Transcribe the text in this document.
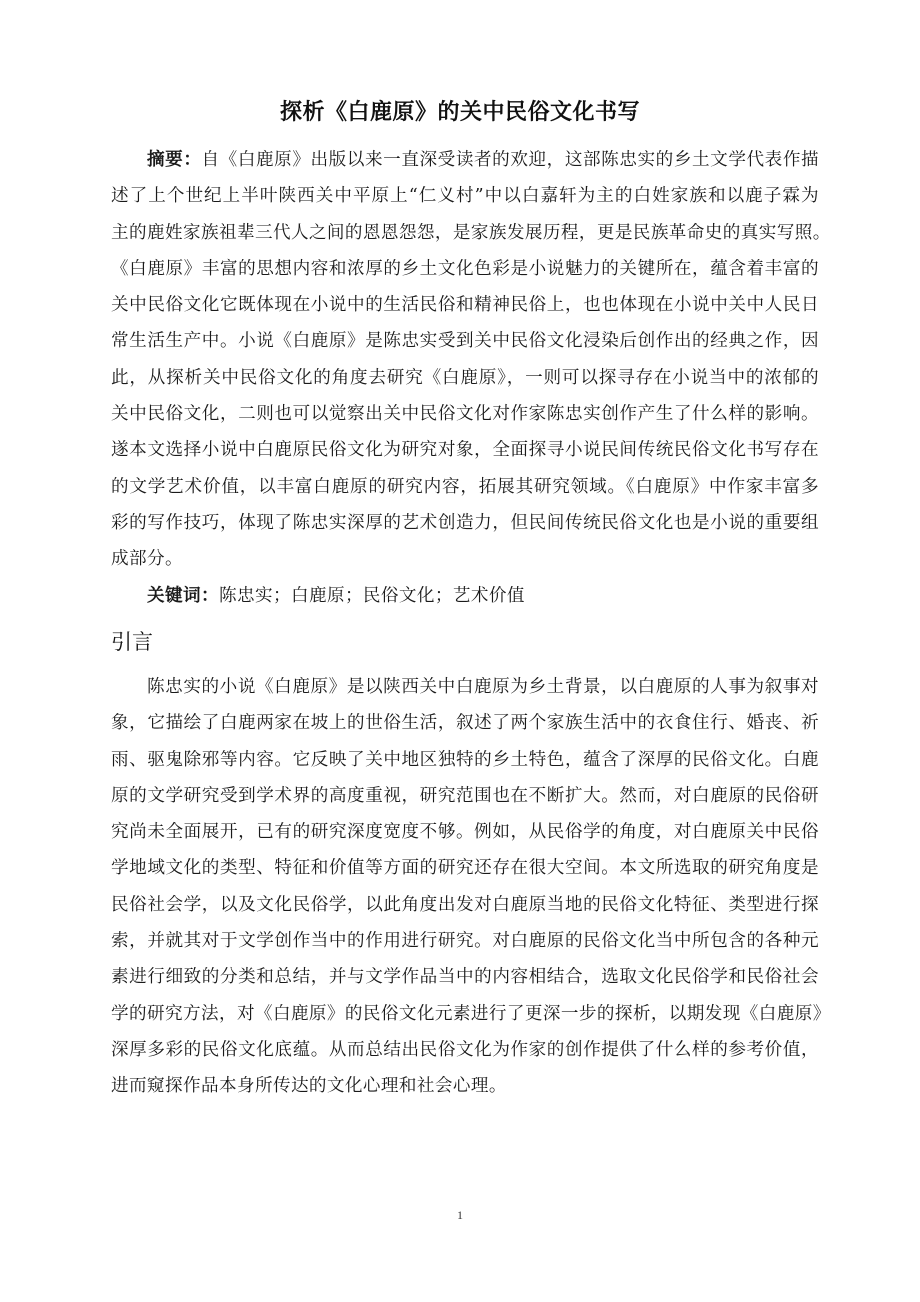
探析《白鹿原》的关中民俗文化书写
摘要：自《白鹿原》出版以来一直深受读者的欢迎，这部陈忠实的乡土文学代表作描
述了上个世纪上半叶陕西关中平原上“仁义村”中以白嘉轩为主的白姓家族和以鹿子霖为
主的鹿姓家族祖辈三代人之间的恩恩怨怨，是家族发展历程，更是民族革命史的真实写照。
《白鹿原》丰富的思想内容和浓厚的乡土文化色彩是小说魅力的关键所在，蕴含着丰富的
关中民俗文化它既体现在小说中的生活民俗和精神民俗上，也也体现在小说中关中人民日
常生活生产中。小说《白鹿原》是陈忠实受到关中民俗文化浸染后创作出的经典之作，因
此，从探析关中民俗文化的角度去研究《白鹿原》，一则可以探寻存在小说当中的浓郁的
关中民俗文化，二则也可以觉察出关中民俗文化对作家陈忠实创作产生了什么样的影响。
遂本文选择小说中白鹿原民俗文化为研究对象，全面探寻小说民间传统民俗文化书写存在
的文学艺术价值，以丰富白鹿原的研究内容，拓展其研究领域。《白鹿原》中作家丰富多
彩的写作技巧，体现了陈忠实深厚的艺术创造力，但民间传统民俗文化也是小说的重要组
成部分。
关键词：陈忠实；白鹿原；民俗文化；艺术价值
引言
陈忠实的小说《白鹿原》是以陕西关中白鹿原为乡土背景，以白鹿原的人事为叙事对
象，它描绘了白鹿两家在坡上的世俗生活，叙述了两个家族生活中的衣食住行、婚丧、祈
雨、驱鬼除邪等内容。它反映了关中地区独特的乡土特色，蕴含了深厚的民俗文化。白鹿
原的文学研究受到学术界的高度重视，研究范围也在不断扩大。然而，对白鹿原的民俗研
究尚未全面展开，已有的研究深度宽度不够。例如，从民俗学的角度，对白鹿原关中民俗
学地域文化的类型、特征和价值等方面的研究还存在很大空间。本文所选取的研究角度是
民俗社会学，以及文化民俗学，以此角度出发对白鹿原当地的民俗文化特征、类型进行探
索，并就其对于文学创作当中的作用进行研究。对白鹿原的民俗文化当中所包含的各种元
素进行细致的分类和总结，并与文学作品当中的内容相结合，选取文化民俗学和民俗社会
学的研究方法，对《白鹿原》的民俗文化元素进行了更深一步的探析，以期发现《白鹿原》
深厚多彩的民俗文化底蕴。从而总结出民俗文化为作家的创作提供了什么样的参考价值，
进而窥探作品本身所传达的文化心理和社会心理。
1
